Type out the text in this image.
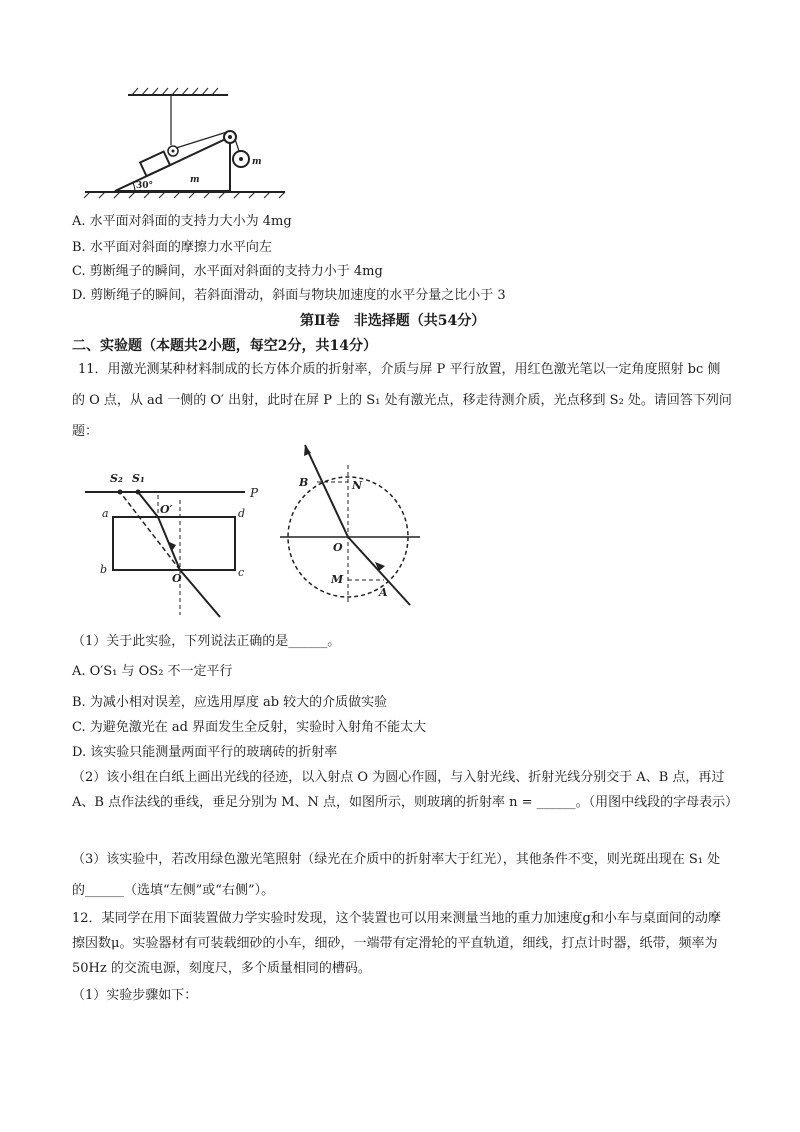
30°
m
m
A. 水平面对斜面的支持力大小为 4mg
B. 水平面对斜面的摩擦力水平向左
C. 剪断绳子的瞬间，水平面对斜面的支持力小于 4mg
D. 剪断绳子的瞬间，若斜面滑动，斜面与物块加速度的水平分量之比小于 3
第Ⅱ卷　非选择题（共54分）
二、实验题（本题共2小题，每空2分，共14分）
11．用激光测某种材料制成的长方体介质的折射率，介质与屏 P 平行放置，用红色激光笔以一定角度照射 bc 侧的 O 点，从 ad 一侧的 O′ 出射，此时在屏 P 上的 S₁ 处有激光点，移走待测介质，光点移到 S₂ 处。请回答下列问题：
P
a	d
b	c
S₂ S₁
O′
O
B	N
O
M
A
（1）关于此实验，下列说法正确的是______。
A. O′S₁ 与 OS₂ 不一定平行
B. 为减小相对误差，应选用厚度 ab 较大的介质做实验
C. 为避免激光在 ad 界面发生全反射，实验时入射角不能太大
D. 该实验只能测量两面平行的玻璃砖的折射率
（2）该小组在白纸上画出光线的径迹，以入射点 O 为圆心作圆，与入射光线、折射光线分别交于 A、B 点，再过 A、B 点作法线的垂线，垂足分别为 M、N 点，如图所示，则玻璃的折射率 n = ______。（用图中线段的字母表示）
（3）该实验中，若改用绿色激光笔照射（绿光在介质中的折射率大于红光），其他条件不变，则光斑出现在 S₁ 处的______（选填“左侧”或“右侧”）。
12．某同学在用下面装置做力学实验时发现，这个装置也可以用来测量当地的重力加速度g和小车与桌面间的动摩擦因数μ。实验器材有可装载细砂的小车，细砂，一端带有定滑轮的平直轨道，细线，打点计时器，纸带，频率为 50Hz 的交流电源，刻度尺，多个质量相同的槽码。
（1）实验步骤如下：
